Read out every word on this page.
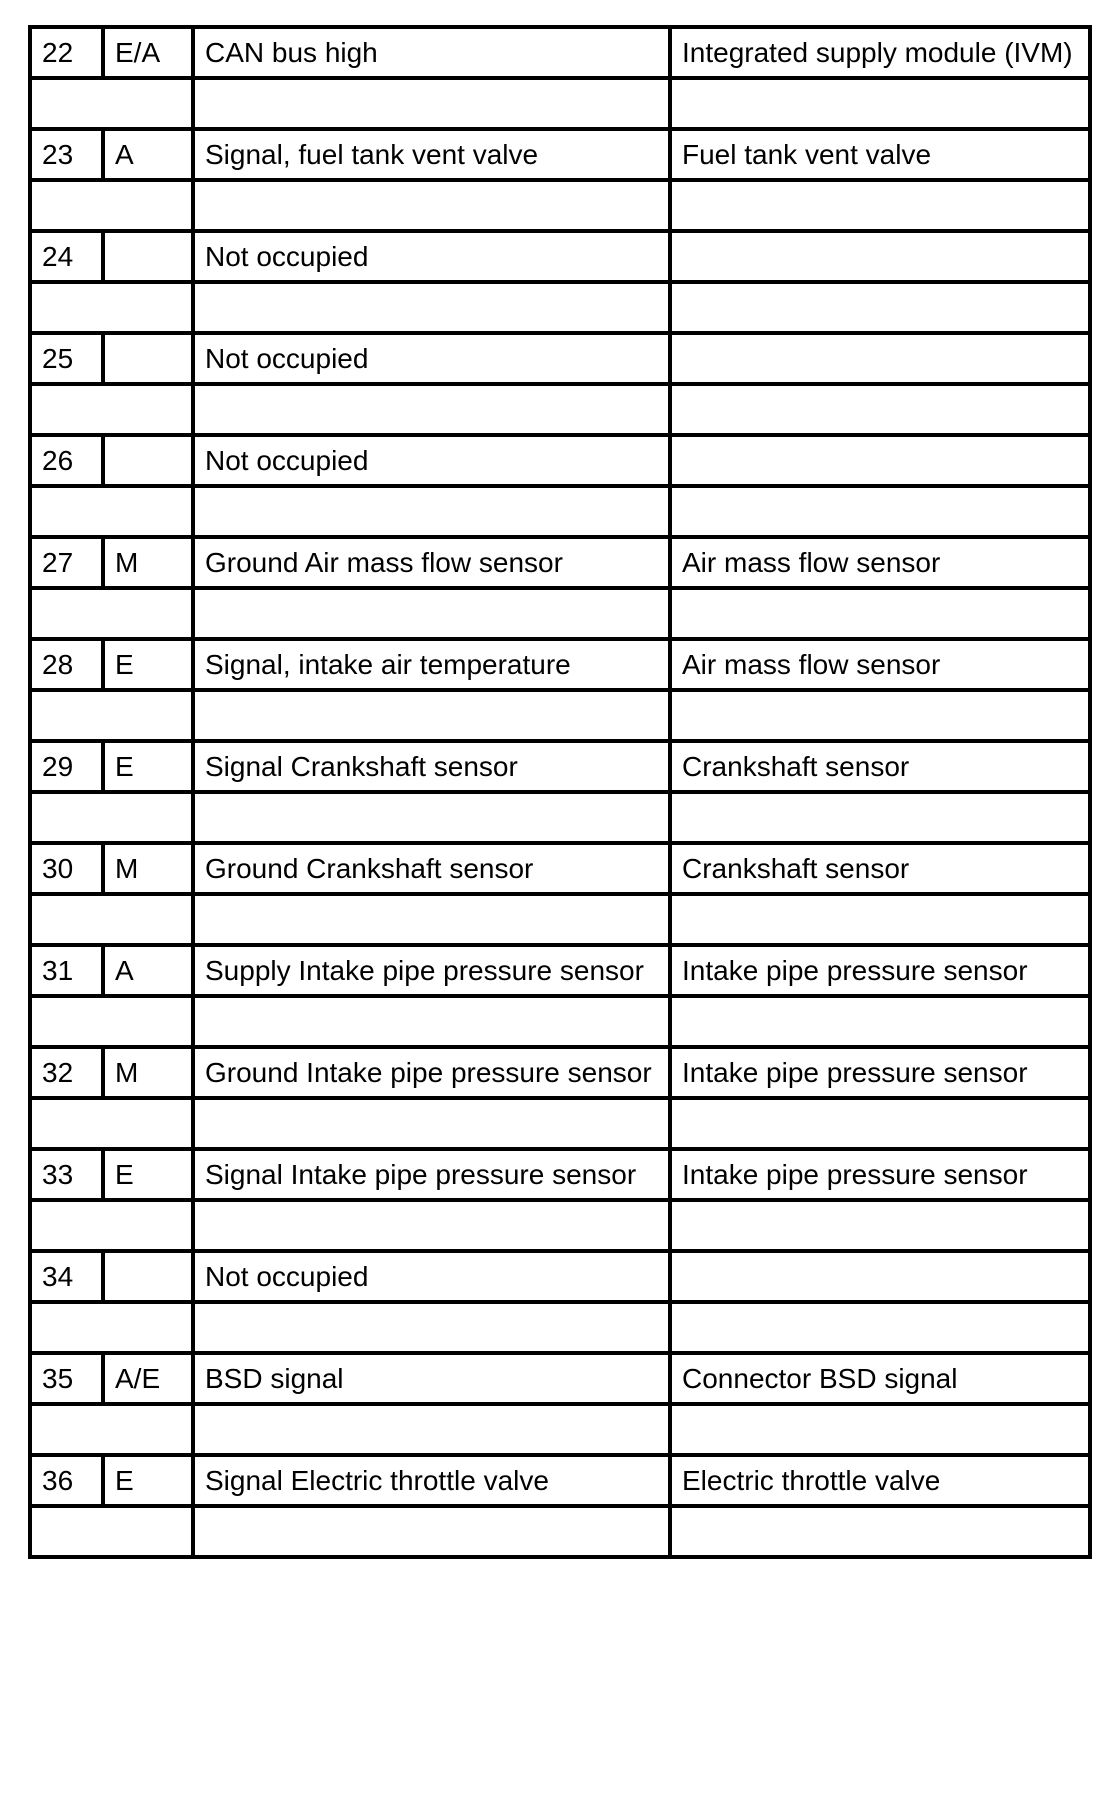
22	E/A	CAN bus high	Integrated supply module (IVM)

23	A	Signal, fuel tank vent valve	Fuel tank vent valve

24		Not occupied	

25		Not occupied	

26		Not occupied	

27	M	Ground Air mass flow sensor	Air mass flow sensor

28	E	Signal, intake air temperature	Air mass flow sensor

29	E	Signal Crankshaft sensor	Crankshaft sensor

30	M	Ground Crankshaft sensor	Crankshaft sensor

31	A	Supply Intake pipe pressure sensor	Intake pipe pressure sensor

32	M	Ground Intake pipe pressure sensor	Intake pipe pressure sensor

33	E	Signal Intake pipe pressure sensor	Intake pipe pressure sensor

34		Not occupied	

35	A/E	BSD signal	Connector BSD signal

36	E	Signal Electric throttle valve	Electric throttle valve
